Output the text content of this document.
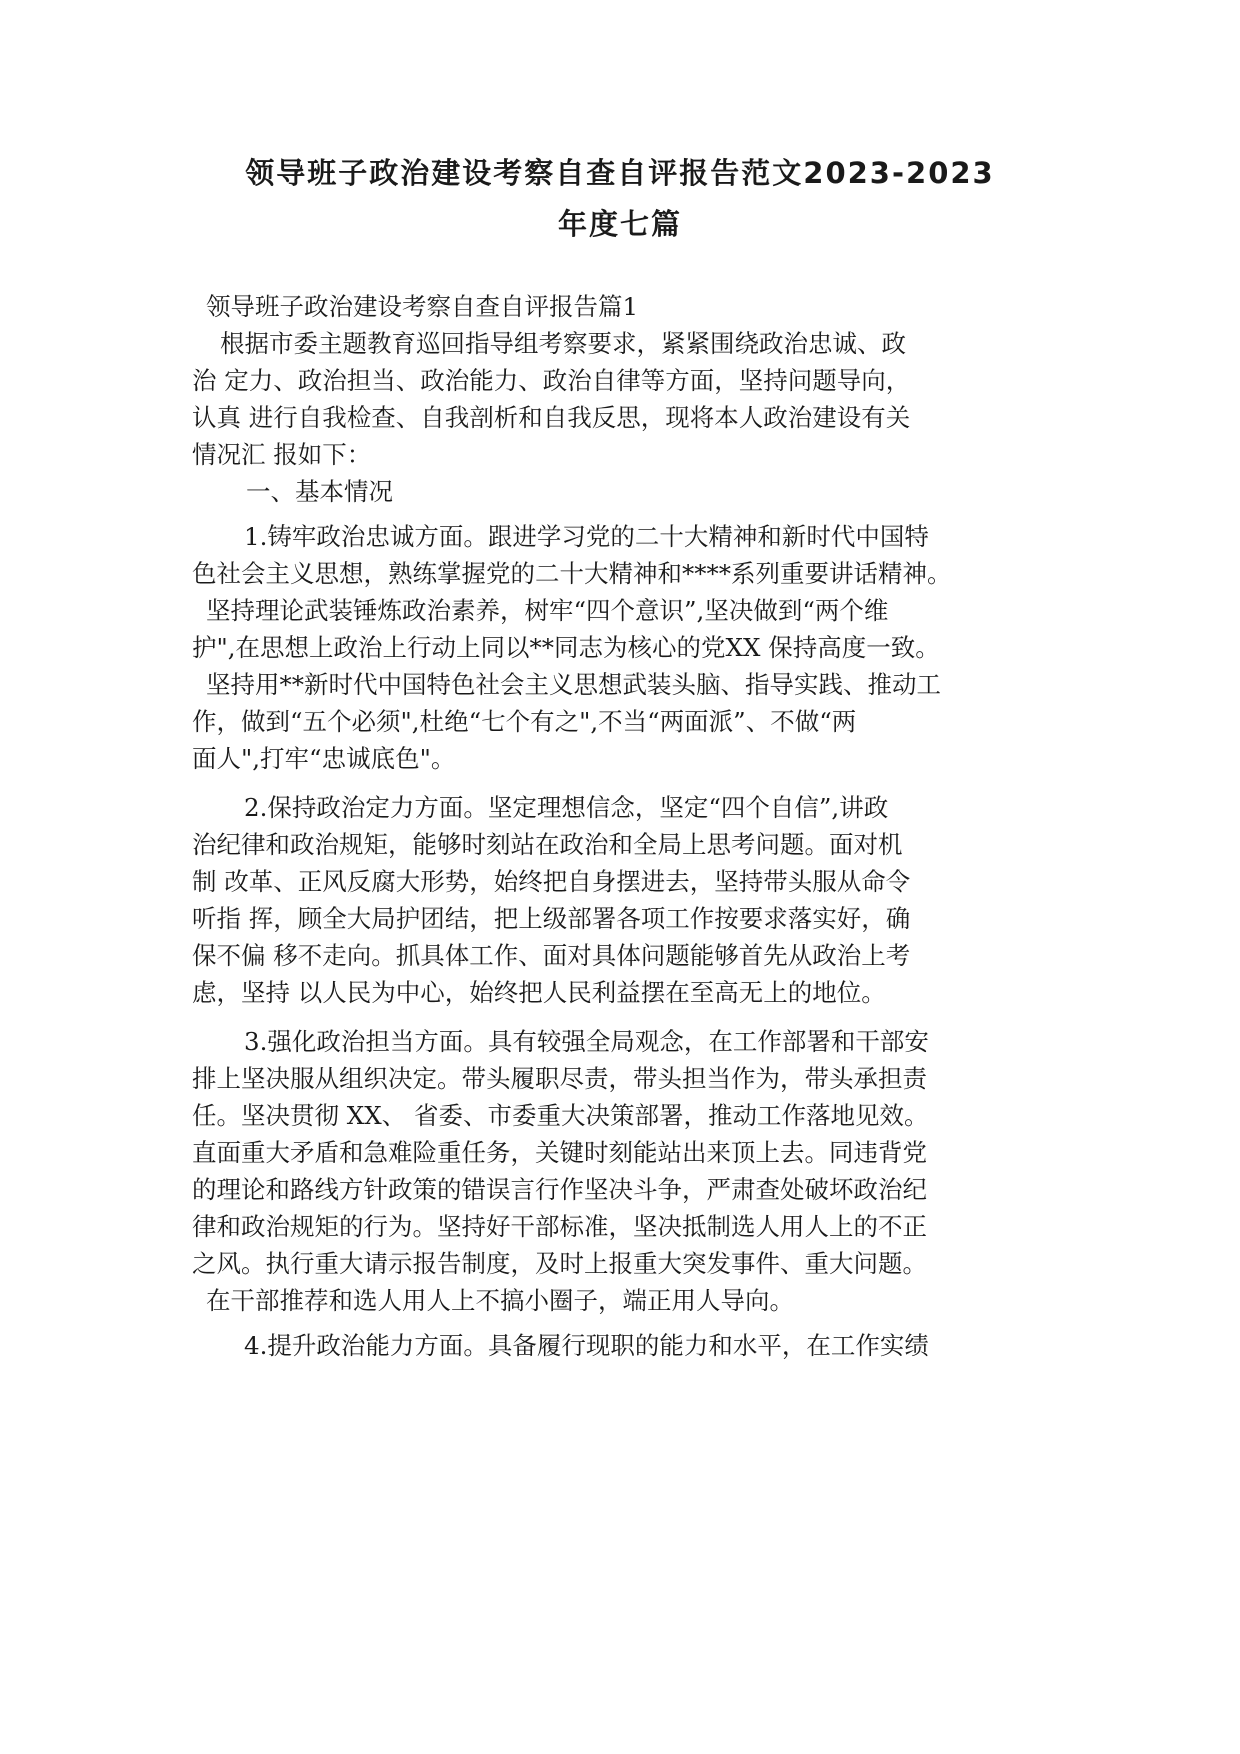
领导班子政治建设考察自查自评报告范文2023-2023
年度七篇
领导班子政治建设考察自查自评报告篇1
根据市委主题教育巡回指导组考察要求，紧紧围绕政治忠诚、政
治 定力、政治担当、政治能力、政治自律等方面，坚持问题导向，
认真 进行自我检查、自我剖析和自我反思，现将本人政治建设有关
情况汇 报如下：
一、基本情况
1.铸牢政治忠诚方面。跟进学习党的二十大精神和新时代中国特
色社会主义思想，熟练掌握党的二十大精神和****系列重要讲话精神。
坚持理论武装锤炼政治素养，树牢“四个意识”,坚决做到“两个维
护",在思想上政治上行动上同以**同志为核心的党XX 保持高度一致。
坚持用**新时代中国特色社会主义思想武装头脑、指导实践、推动工
作，做到“五个必须",杜绝“七个有之",不当“两面派”、不做“两
面人",打牢“忠诚底色"。
2.保持政治定力方面。坚定理想信念，坚定“四个自信”,讲政
治纪律和政治规矩，能够时刻站在政治和全局上思考问题。面对机
制 改革、正风反腐大形势，始终把自身摆进去，坚持带头服从命令
听指 挥，顾全大局护团结，把上级部署各项工作按要求落实好，确
保不偏 移不走向。抓具体工作、面对具体问题能够首先从政治上考
虑，坚持 以人民为中心，始终把人民利益摆在至高无上的地位。
3.强化政治担当方面。具有较强全局观念，在工作部署和干部安
排上坚决服从组织决定。带头履职尽责，带头担当作为，带头承担责
任。坚决贯彻 XX、 省委、市委重大决策部署，推动工作落地见效。
直面重大矛盾和急难险重任务，关键时刻能站出来顶上去。同违背党
的理论和路线方针政策的错误言行作坚决斗争，严肃查处破坏政治纪
律和政治规矩的行为。坚持好干部标准，坚决抵制选人用人上的不正
之风。执行重大请示报告制度，及时上报重大突发事件、重大问题。
在干部推荐和选人用人上不搞小圈子，端正用人导向。
4.提升政治能力方面。具备履行现职的能力和水平，在工作实绩
